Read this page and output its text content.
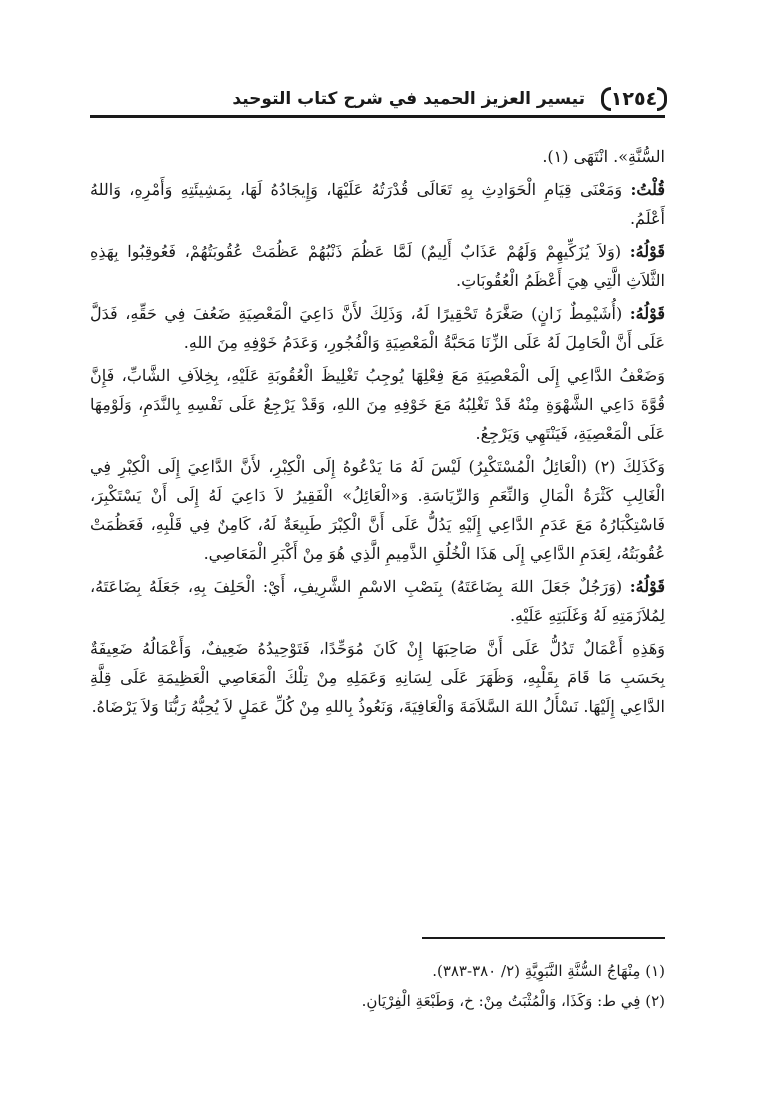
١٢٥٤
تيسير العزيز الحميد في شرح كتاب التوحيد

السُّنَّةِ». انْتَهَى (١).

قُلْتُ: وَمَعْنَى قِيَامِ الْحَوَادِثِ بِهِ تَعَالَى قُدْرَتُهُ عَلَيْهَا، وَإِيجَادُهُ لَهَا، بِمَشِيئَتِهِ وَأَمْرِهِ، وَاللهُ أَعْلَمُ.

قَوْلُهُ: (وَلاَ يُزَكِّيهِمْ وَلَهُمْ عَذَابٌ أَلِيمٌ) لَمَّا عَظُمَ ذَنْبُهُمْ عَظُمَتْ عُقُوبَتُهُمْ، فَعُوقِبُوا بِهَذِهِ الثَّلاَثِ الَّتِي هِيَ أَعْظَمُ الْعُقُوبَاتِ.

قَوْلُهُ: (أُشَيْمِطٌ زَانٍ) صَغَّرَهُ تَحْقِيرًا لَهُ، وَذَلِكَ لأَنَّ دَاعِيَ الْمَعْصِيَةِ ضَعُفَ فِي حَقِّهِ، فَدَلَّ عَلَى أَنَّ الْحَامِلَ لَهُ عَلَى الزِّنَا مَحَبَّةُ الْمَعْصِيَةِ وَالْفُجُورِ، وَعَدَمُ خَوْفِهِ مِنَ اللهِ.

وَضَعْفُ الدَّاعِي إِلَى الْمَعْصِيَةِ مَعَ فِعْلِهَا يُوجِبُ تَغْلِيظَ الْعُقُوبَةِ عَلَيْهِ، بِخِلاَفِ الشَّابِّ، فَإِنَّ قُوَّةَ دَاعِي الشَّهْوَةِ مِنْهُ قَدْ تَغْلِبُهُ مَعَ خَوْفِهِ مِنَ اللهِ، وَقَدْ يَرْجِعُ عَلَى نَفْسِهِ بِالنَّدَمِ، وَلَوْمِهَا عَلَى الْمَعْصِيَةِ، فَيَنْتَهِي وَيَرْجِعُ.

وَكَذَلِكَ (٢) (الْعَائِلُ الْمُسْتَكْبِرُ) لَيْسَ لَهُ مَا يَدْعُوهُ إِلَى الْكِبْرِ، لأَنَّ الدَّاعِيَ إِلَى الْكِبْرِ فِي الْغَالِبِ كَثْرَةُ الْمَالِ وَالنِّعَمِ وَالرِّيَاسَةِ. وَ«الْعَائِلُ» الْفَقِيرُ لاَ دَاعِيَ لَهُ إِلَى أَنْ يَسْتَكْبِرَ، فَاسْتِكْبَارُهُ مَعَ عَدَمِ الدَّاعِي إِلَيْهِ يَدُلُّ عَلَى أَنَّ الْكِبْرَ طَبِيعَةٌ لَهُ، كَامِنٌ فِي قَلْبِهِ، فَعَظُمَتْ عُقُوبَتُهُ، لِعَدَمِ الدَّاعِي إِلَى هَذَا الْخُلُقِ الذَّمِيمِ الَّذِي هُوَ مِنْ أَكْبَرِ الْمَعَاصِي.

قَوْلُهُ: (وَرَجُلٌ جَعَلَ اللهَ بِضَاعَتَهُ) بِنَصْبِ الاسْمِ الشَّرِيفِ، أَيْ: الْحَلِفَ بِهِ، جَعَلَهُ بِضَاعَتَهُ، لِمُلاَزَمَتِهِ لَهُ وَغَلَبَتِهِ عَلَيْهِ.

وَهَذِهِ أَعْمَالٌ تَدُلُّ عَلَى أَنَّ صَاحِبَهَا إِنْ كَانَ مُوَحِّدًا، فَتَوْحِيدُهُ ضَعِيفٌ، وَأَعْمَالُهُ ضَعِيفَةٌ بِحَسَبِ مَا قَامَ بِقَلْبِهِ، وَظَهَرَ عَلَى لِسَانِهِ وَعَمَلِهِ مِنْ تِلْكَ الْمَعَاصِي الْعَظِيمَةِ عَلَى قِلَّةِ الدَّاعِي إِلَيْهَا. نَسْأَلُ اللهَ السَّلاَمَةَ وَالْعَافِيَةَ، وَنَعُوذُ بِاللهِ مِنْ كُلِّ عَمَلٍ لاَ يُحِبُّهُ رَبُّنَا وَلاَ يَرْضَاهُ.

(١) مِنْهَاجُ السُّنَّةِ النَّبَوِيَّةِ (٢/ ٣٨٠-٣٨٣).

(٢) فِي ط: وَكَذَا، وَالْمُثْبَتُ مِنْ: خ، وَطَبْعَةِ الْفِرْيَانِ.
